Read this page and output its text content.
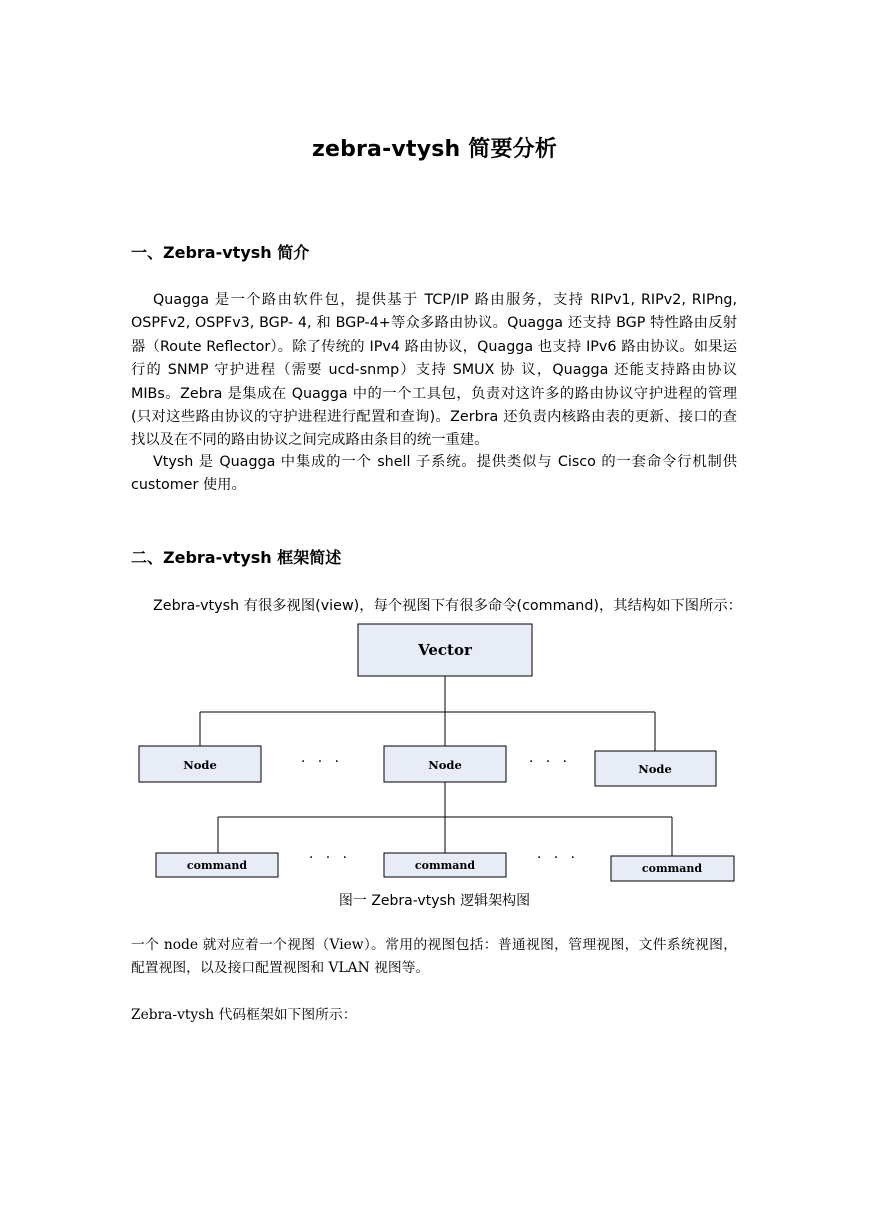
zebra-vtysh 简要分析
一、Zebra-vtysh 简介

Quagga 是一个路由软件包，提供基于 TCP/IP 路由服务，支持 RIPv1, RIPv2, RIPng, OSPFv2, OSPFv3, BGP- 4, 和 BGP-4+等众多路由协议。Quagga 还支持 BGP 特性路由反射器（Route Reflector）。除了传统的 IPv4 路由协议，Quagga 也支持 IPv6 路由协议。如果运行的 SNMP 守护进程（需要 ucd-snmp）支持 SMUX 协 议，Quagga 还能支持路由协议 MIBs。Zebra 是集成在 Quagga 中的一个工具包，负责对这许多的路由协议守护进程的管理(只对这些路由协议的守护进程进行配置和查询)。Zerbra 还负责内核路由表的更新、接口的查找以及在不同的路由协议之间完成路由条目的统一重建。

Vtysh 是 Quagga 中集成的一个 shell 子系统。提供类似与 Cisco 的一套命令行机制供 customer 使用。

二、Zebra-vtysh 框架简述

Zebra-vtysh 有很多视图(view)，每个视图下有很多命令(command)，其结构如下图所示：

Vector
Node	Node	Node
· · ·	· · ·
command	command	command
· · ·	· · ·
图一 Zebra-vtysh 逻辑架构图

一个 node 就对应着一个视图（View）。常用的视图包括：普通视图，管理视图，文件系统视图，配置视图，以及接口配置视图和 VLAN 视图等。

Zebra-vtysh 代码框架如下图所示：
